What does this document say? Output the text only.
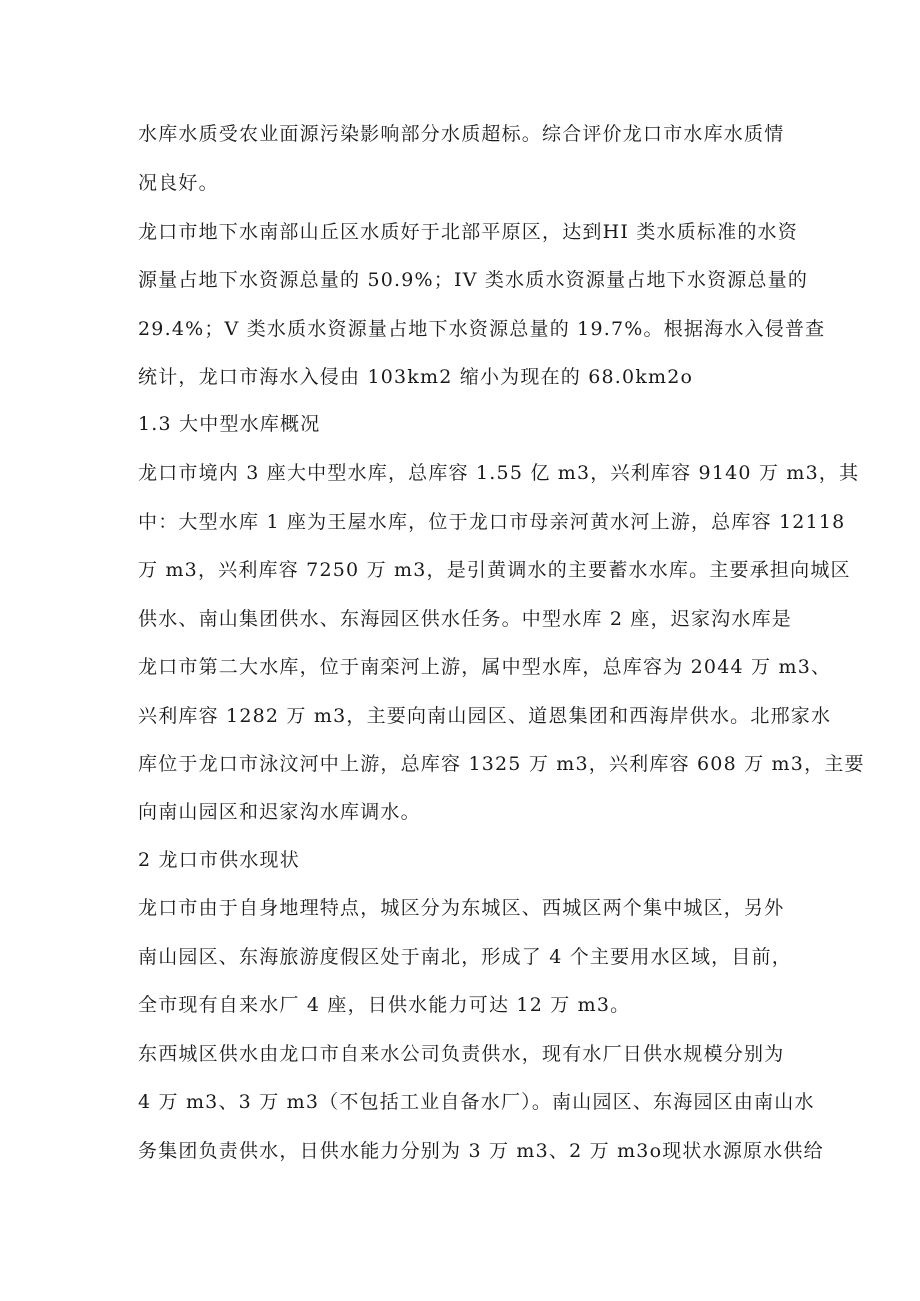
水库水质受农业面源污染影响部分水质超标。综合评价龙口市水库水质情
况良好。
龙口市地下水南部山丘区水质好于北部平原区，达到HI 类水质标准的水资
源量占地下水资源总量的 50.9%；IV 类水质水资源量占地下水资源总量的
29.4%；V 类水质水资源量占地下水资源总量的 19.7%。根据海水入侵普查
统计，龙口市海水入侵由 103km2 缩小为现在的 68.0km2o
1.3 大中型水库概况
龙口市境内 3 座大中型水库，总库容 1.55 亿 m3，兴利库容 9140 万 m3，其
中：大型水库 1 座为王屋水库，位于龙口市母亲河黄水河上游，总库容 12118
万 m3，兴利库容 7250 万 m3，是引黄调水的主要蓄水水库。主要承担向城区
供水、南山集团供水、东海园区供水任务。中型水库 2 座，迟家沟水库是
龙口市第二大水库，位于南栾河上游，属中型水库，总库容为 2044 万 m3、
兴利库容 1282 万 m3，主要向南山园区、道恩集团和西海岸供水。北邢家水
库位于龙口市泳汶河中上游，总库容 1325 万 m3，兴利库容 608 万 m3，主要
向南山园区和迟家沟水库调水。
2 龙口市供水现状
龙口市由于自身地理特点，城区分为东城区、西城区两个集中城区，另外
南山园区、东海旅游度假区处于南北，形成了 4 个主要用水区域，目前，
全市现有自来水厂 4 座，日供水能力可达 12 万 m3。
东西城区供水由龙口市自来水公司负责供水，现有水厂日供水规模分别为
4 万 m3、3 万 m3（不包括工业自备水厂）。南山园区、东海园区由南山水
务集团负责供水，日供水能力分别为 3 万 m3、2 万 m3o现状水源原水供给
